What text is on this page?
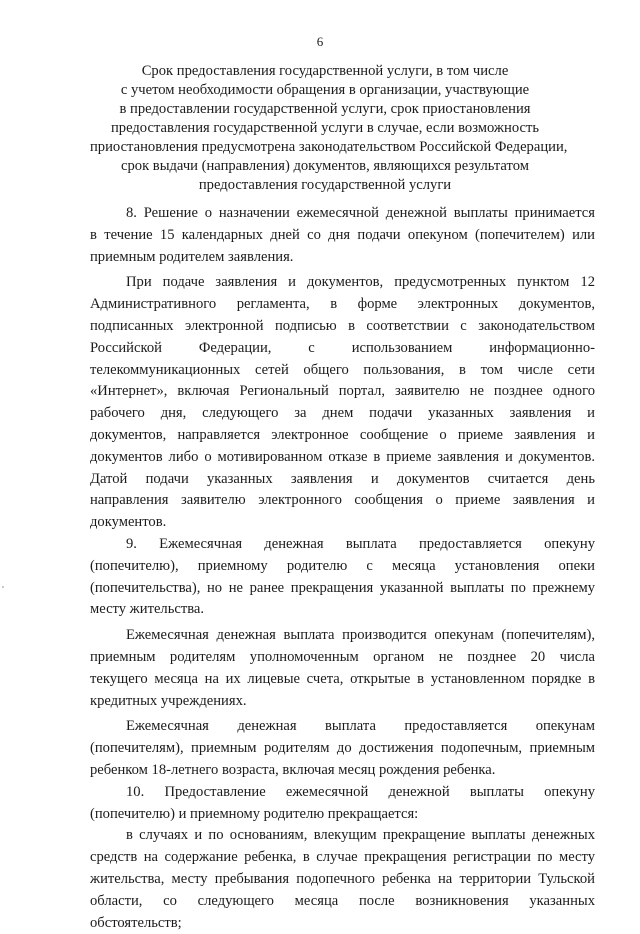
6
Срок предоставления государственной услуги, в том числе
с учетом необходимости обращения в организации, участвующие
в предоставлении государственной услуги, срок приостановления
предоставления государственной услуги в случае, если возможность
приостановления предусмотрена законодательством Российской Федерации,
срок выдачи (направления) документов, являющихся результатом
предоставления государственной услуги
8. Решение о назначении ежемесячной денежной выплаты принимается
в течение 15 календарных дней со дня подачи опекуном (попечителем) или
приемным родителем заявления.
При подаче заявления и документов, предусмотренных пунктом 12
Административного регламента, в форме электронных документов,
подписанных электронной подписью в соответствии с законодательством
Российской Федерации, с использованием информационно-
телекоммуникационных сетей общего пользования, в том числе сети
«Интернет», включая Региональный портал, заявителю не позднее одного
рабочего дня, следующего за днем подачи указанных заявления и
документов, направляется электронное сообщение о приеме заявления и
документов либо о мотивированном отказе в приеме заявления и документов.
Датой подачи указанных заявления и документов считается день
направления заявителю электронного сообщения о приеме заявления и
документов.
9. Ежемесячная денежная выплата предоставляется опекуну
(попечителю), приемному родителю с месяца установления опеки
(попечительства), но не ранее прекращения указанной выплаты по прежнему
месту жительства.
Ежемесячная денежная выплата производится опекунам (попечителям),
приемным родителям уполномоченным органом не позднее 20 числа
текущего месяца на их лицевые счета, открытые в установленном порядке в
кредитных учреждениях.
Ежемесячная денежная выплата предоставляется опекунам
(попечителям), приемным родителям до достижения подопечным, приемным
ребенком 18-летнего возраста, включая месяц рождения ребенка.
10. Предоставление ежемесячной денежной выплаты опекуну
(попечителю) и приемному родителю прекращается:
в случаях и по основаниям, влекущим прекращение выплаты денежных
средств на содержание ребенка, в случае прекращения регистрации по месту
жительства, месту пребывания подопечного ребенка на территории Тульской
области, со следующего месяца после возникновения указанных
обстоятельств;
